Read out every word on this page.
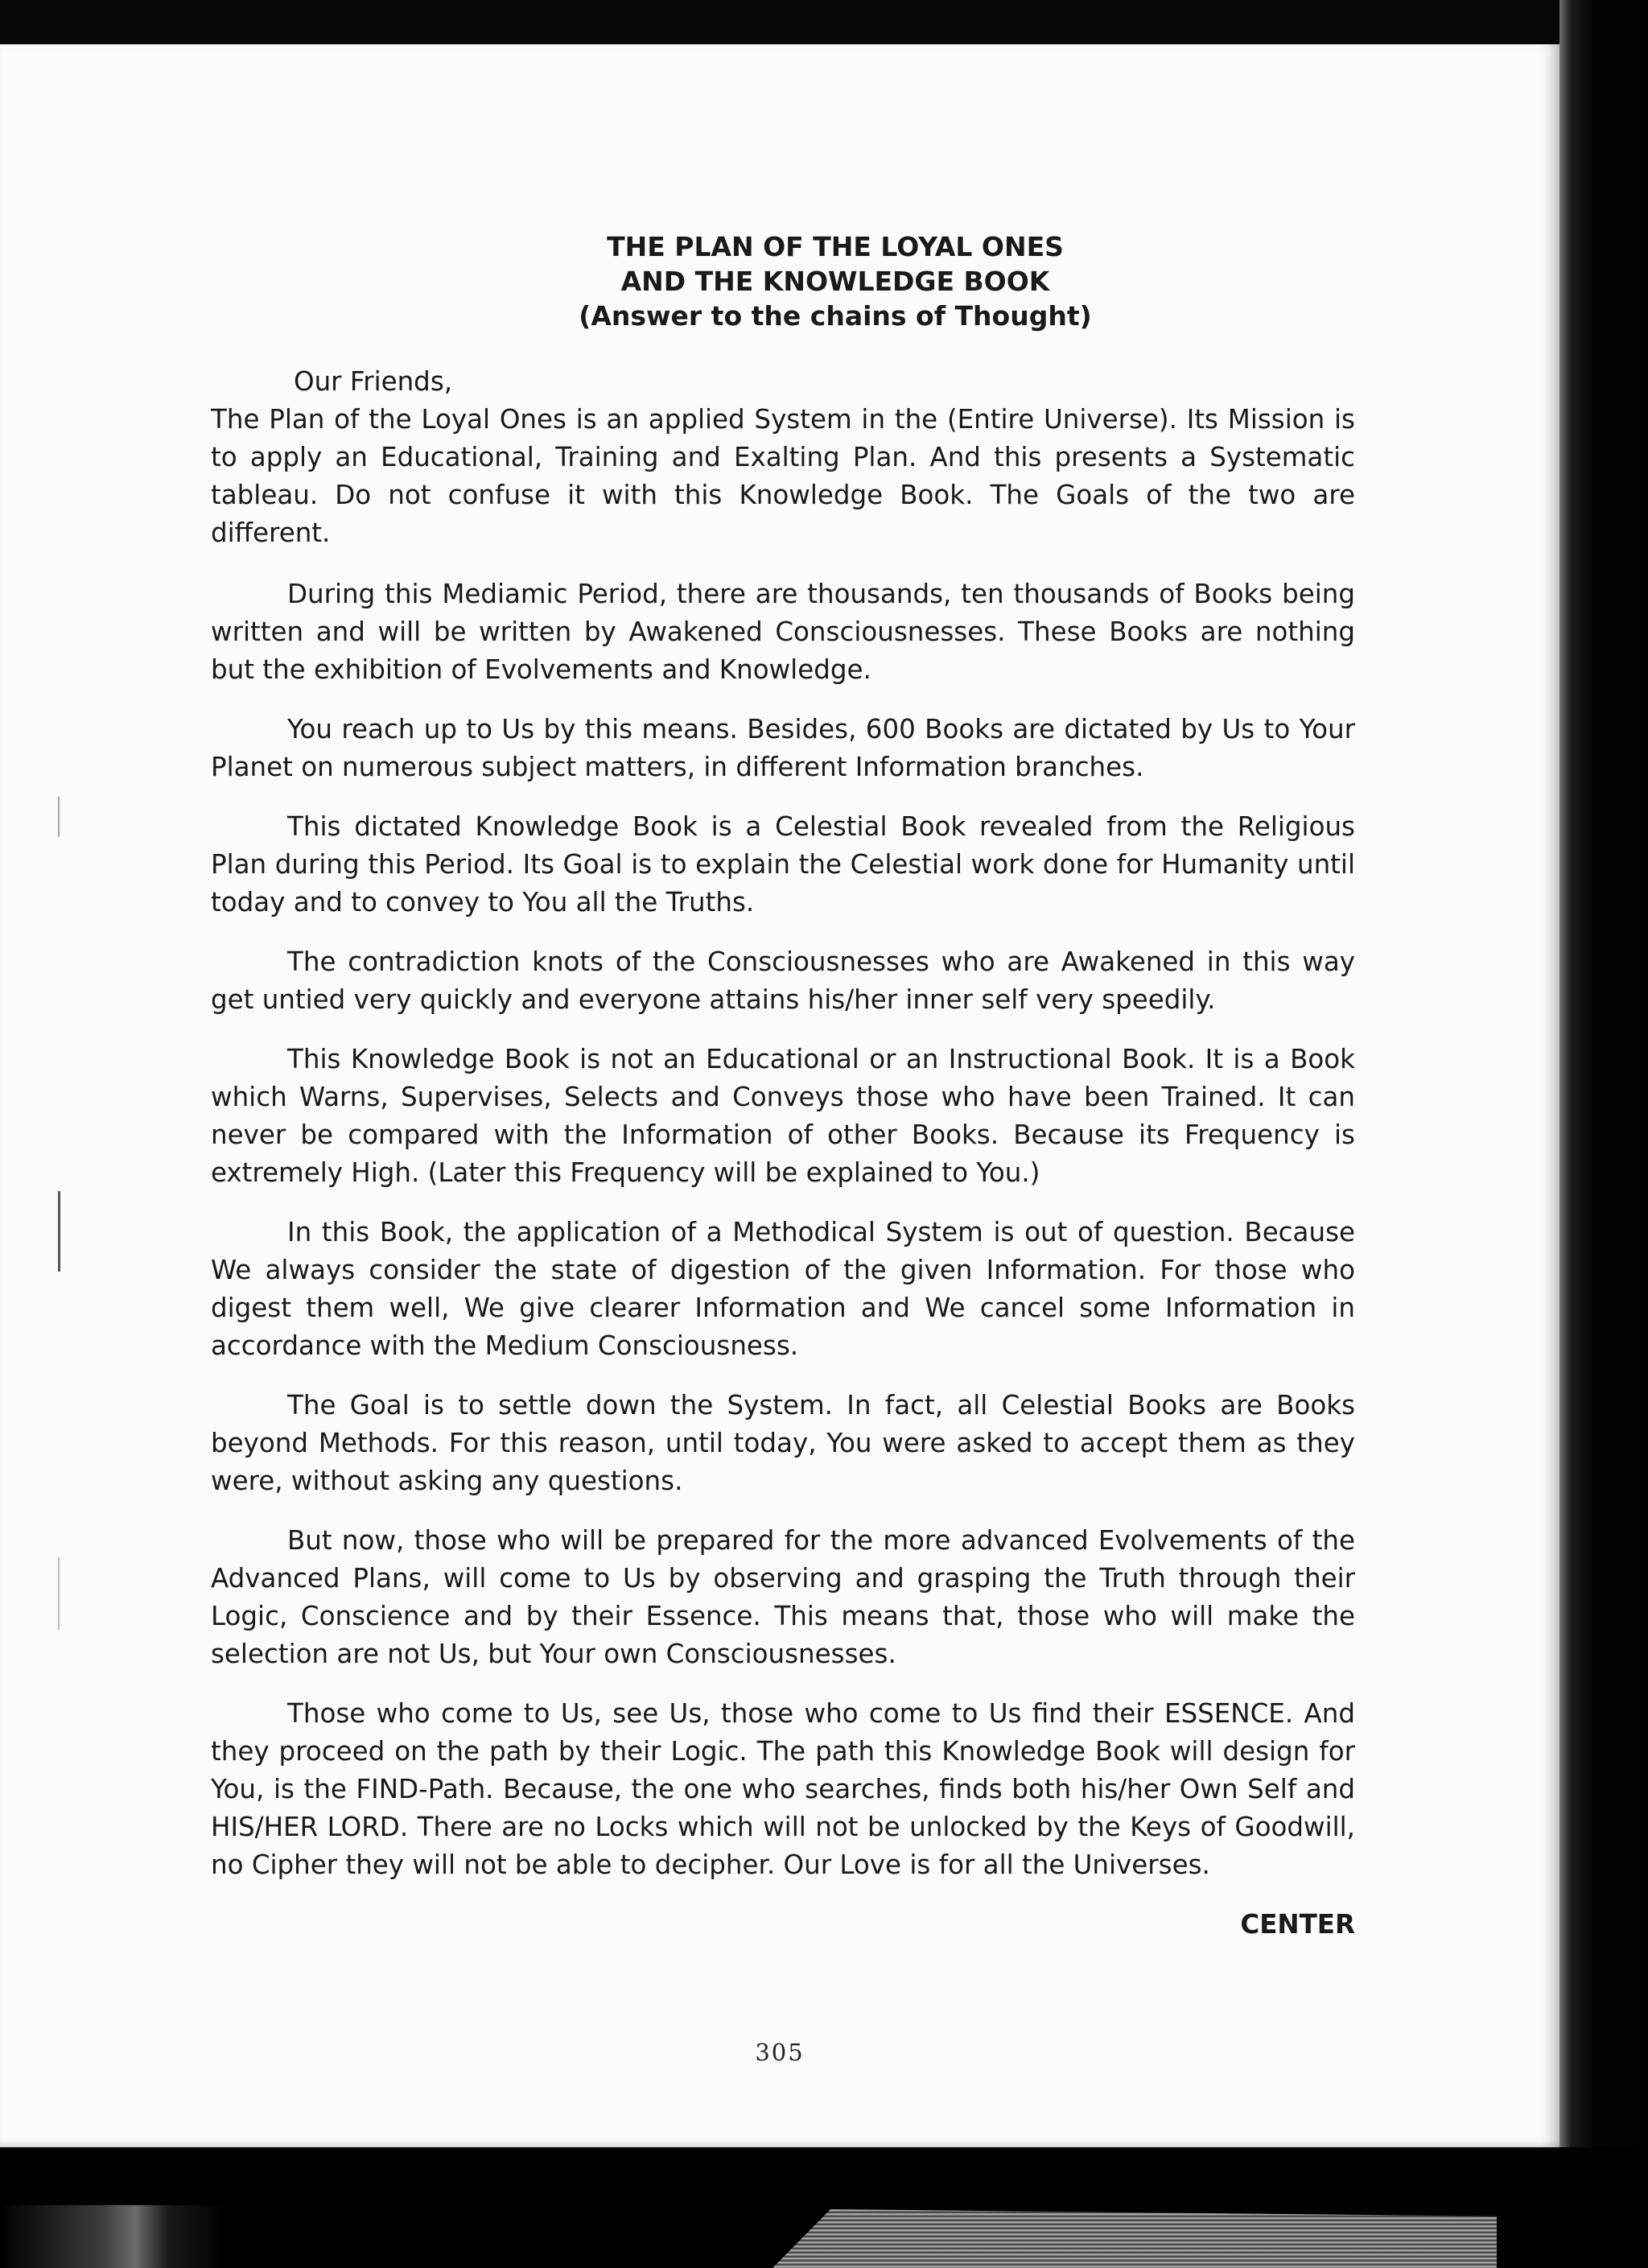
THE PLAN OF THE LOYAL ONES
AND THE KNOWLEDGE BOOK
(Answer to the chains of Thought)

Our Friends,

The Plan of the Loyal Ones is an applied System in the (Entire Universe). Its Mission is to apply an Educational, Training and Exalting Plan. And this presents a Systematic tableau. Do not confuse it with this Knowledge Book. The Goals of the two are different.

During this Mediamic Period, there are thousands, ten thousands of Books being written and will be written by Awakened Consciousnesses. These Books are nothing but the exhibition of Evolvements and Knowledge.

You reach up to Us by this means. Besides, 600 Books are dictated by Us to Your Planet on numerous subject matters, in different Information branches.

This dictated Knowledge Book is a Celestial Book revealed from the Religious Plan during this Period. Its Goal is to explain the Celestial work done for Humanity until today and to convey to You all the Truths.

The contradiction knots of the Consciousnesses who are Awakened in this way get untied very quickly and everyone attains his/her inner self very speedily.

This Knowledge Book is not an Educational or an Instructional Book. It is a Book which Warns, Supervises, Selects and Conveys those who have been Trained. It can never be compared with the Information of other Books. Because its Frequency is extremely High. (Later this Frequency will be explained to You.)

In this Book, the application of a Methodical System is out of question. Because We always consider the state of digestion of the given Information. For those who digest them well, We give clearer Information and We cancel some Information in accordance with the Medium Consciousness.

The Goal is to settle down the System. In fact, all Celestial Books are Books beyond Methods. For this reason, until today, You were asked to accept them as they were, without asking any questions.

But now, those who will be prepared for the more advanced Evolvements of the Advanced Plans, will come to Us by observing and grasping the Truth through their Logic, Conscience and by their Essence. This means that, those who will make the selection are not Us, but Your own Consciousnesses.

Those who come to Us, see Us, those who come to Us find their ESSENCE. And they proceed on the path by their Logic. The path this Knowledge Book will design for You, is the FIND-Path. Because, the one who searches, finds both his/her Own Self and HIS/HER LORD. There are no Locks which will not be unlocked by the Keys of Goodwill, no Cipher they will not be able to decipher. Our Love is for all the Universes.

CENTER
305
